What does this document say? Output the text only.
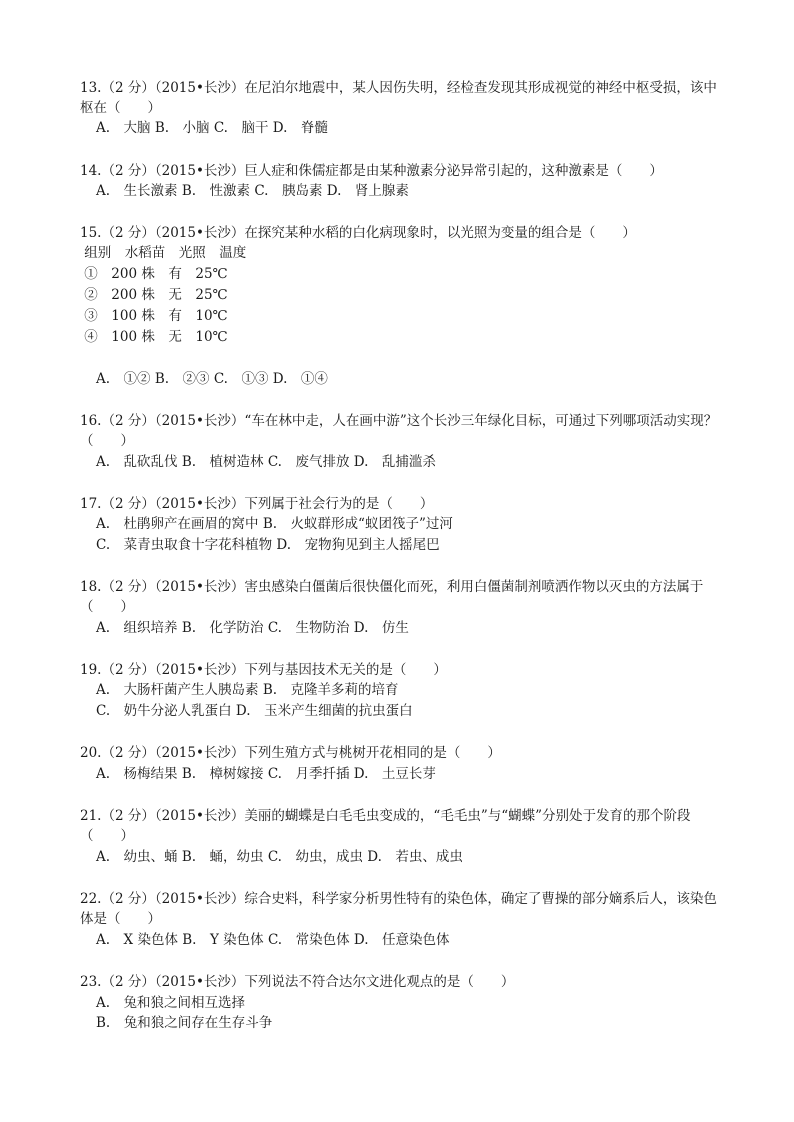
13.（2 分）（2015•长沙）在尼泊尔地震中，某人因伤失明，经检查发现其形成视觉的神经中枢受损，该中
枢在（　　）
A.　大脑 B.　小脑 C.　脑干 D.　脊髓
14.（2 分）（2015•长沙）巨人症和侏儒症都是由某种激素分泌异常引起的，这种激素是（　　）
A.　生长激素 B.　性激素 C.　胰岛素 D.　肾上腺素
15.（2 分）（2015•长沙）在探究某种水稻的白化病现象时，以光照为变量的组合是（　　）
组别　水稻苗　光照　温度
①　200 株　有　25℃
②　200 株　无　25℃
③　100 株　有　10℃
④　100 株　无　10℃
A.　①② B.　②③ C.　①③ D.　①④
16.（2 分）（2015•长沙）“车在林中走，人在画中游”这个长沙三年绿化目标，可通过下列哪项活动实现？
（　　）
A.　乱砍乱伐 B.　植树造林 C.　废气排放 D.　乱捕滥杀
17.（2 分）（2015•长沙）下列属于社会行为的是（　　）
A.　杜鹃卵产在画眉的窝中 B.　火蚁群形成“蚁团筏子”过河
C.　菜青虫取食十字花科植物 D.　宠物狗见到主人摇尾巴
18.（2 分）（2015•长沙）害虫感染白僵菌后很快僵化而死，利用白僵菌制剂喷洒作物以灭虫的方法属于
（　　）
A.　组织培养 B.　化学防治 C.　生物防治 D.　仿生
19.（2 分）（2015•长沙）下列与基因技术无关的是（　　）
A.　大肠杆菌产生人胰岛素 B.　克隆羊多莉的培育
C.　奶牛分泌人乳蛋白 D.　玉米产生细菌的抗虫蛋白
20.（2 分）（2015•长沙）下列生殖方式与桃树开花相同的是（　　）
A.　杨梅结果 B.　樟树嫁接 C.　月季扦插 D.　土豆长芽
21.（2 分）（2015•长沙）美丽的蝴蝶是白毛毛虫变成的，“毛毛虫”与“蝴蝶”分别处于发育的那个阶段
（　　）
A.　幼虫、蛹 B.　蛹，幼虫 C.　幼虫，成虫 D.　若虫、成虫
22.（2 分）（2015•长沙）综合史料，科学家分析男性特有的染色体，确定了曹操的部分嫡系后人，该染色
体是（　　）
A.　X 染色体 B.　Y 染色体 C.　常染色体 D.　任意染色体
23.（2 分）（2015•长沙）下列说法不符合达尔文进化观点的是（　　）
A.　兔和狼之间相互选择
B.　兔和狼之间存在生存斗争
